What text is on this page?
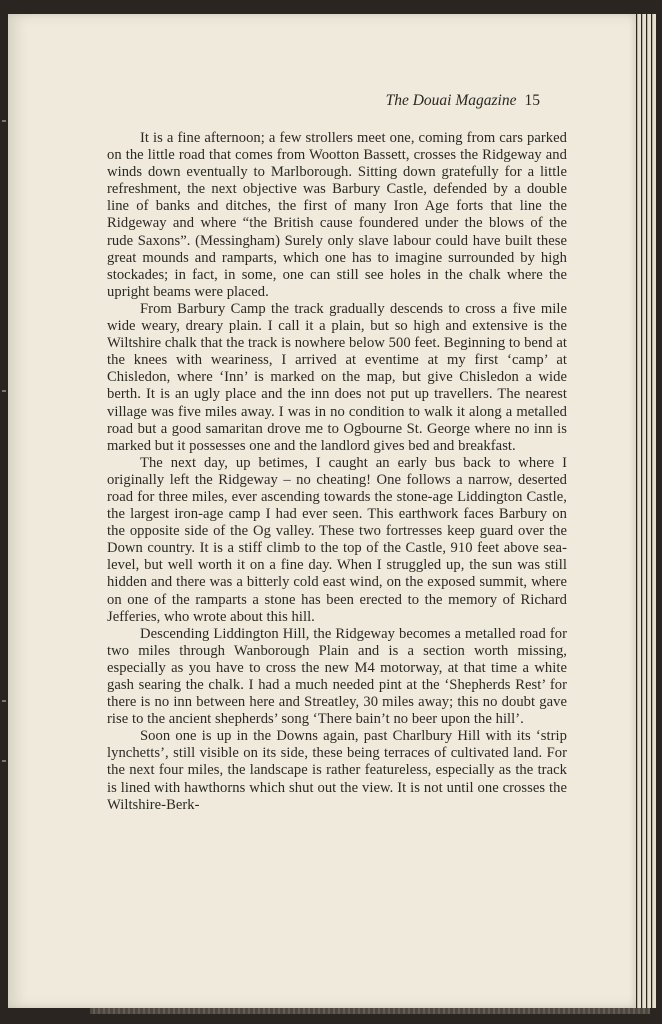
The Douai Magazine 15

It is a fine afternoon; a few strollers meet one, coming from cars parked on the little road that comes from Wootton Bassett, crosses the Ridgeway and winds down eventually to Marlborough. Sitting down gratefully for a little refreshment, the next objective was Barbury Castle, defended by a double line of banks and ditches, the first of many Iron Age forts that line the Ridgeway and where “the British cause foundered under the blows of the rude Saxons”. (Messingham) Surely only slave labour could have built these great mounds and ramparts, which one has to imagine surrounded by high stockades; in fact, in some, one can still see holes in the chalk where the upright beams were placed.

From Barbury Camp the track gradually descends to cross a five mile wide weary, dreary plain. I call it a plain, but so high and extensive is the Wiltshire chalk that the track is nowhere below 500 feet. Beginning to bend at the knees with weariness, I arrived at eventime at my first ‘camp’ at Chisledon, where ‘Inn’ is marked on the map, but give Chisledon a wide berth. It is an ugly place and the inn does not put up travellers. The nearest village was five miles away. I was in no condition to walk it along a metalled road but a good samaritan drove me to Ogbourne St. George where no inn is marked but it possesses one and the landlord gives bed and breakfast.

The next day, up betimes, I caught an early bus back to where I originally left the Ridgeway – no cheating! One follows a narrow, deserted road for three miles, ever ascending towards the stone-age Liddington Castle, the largest iron-age camp I had ever seen. This earthwork faces Barbury on the opposite side of the Og valley. These two fortresses keep guard over the Down country. It is a stiff climb to the top of the Castle, 910 feet above sea-level, but well worth it on a fine day. When I struggled up, the sun was still hidden and there was a bitterly cold east wind, on the exposed summit, where on one of the ramparts a stone has been erected to the memory of Richard Jefferies, who wrote about this hill.

Descending Liddington Hill, the Ridgeway becomes a metalled road for two miles through Wanborough Plain and is a section worth missing, especially as you have to cross the new M4 motorway, at that time a white gash searing the chalk. I had a much needed pint at the ‘Shepherds Rest’ for there is no inn between here and Streatley, 30 miles away; this no doubt gave rise to the ancient shepherds’ song ‘There bain’t no beer upon the hill’.

Soon one is up in the Downs again, past Charlbury Hill with its ‘strip lynchetts’, still visible on its side, these being terraces of cultivated land. For the next four miles, the landscape is rather featureless, especially as the track is lined with hawthorns which shut out the view. It is not until one crosses the Wiltshire-Berk-
